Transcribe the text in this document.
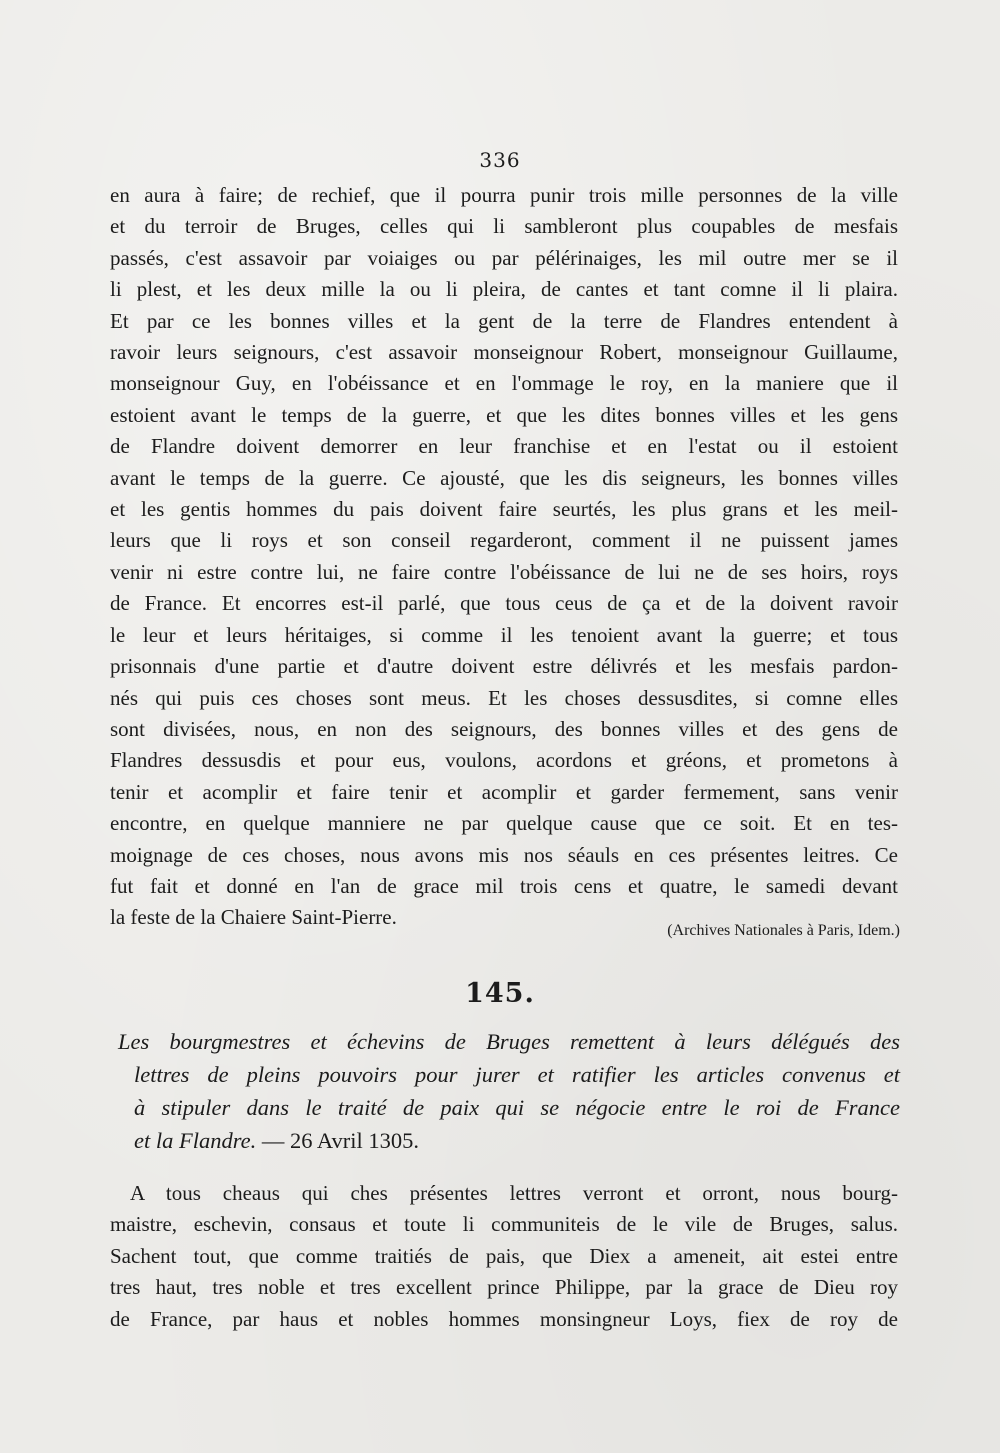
336
en aura à faire; de rechief, que il pourra punir trois mille personnes de la ville
et du terroir de Bruges, celles qui li sambleront plus coupables de mesfais
passés, c'est assavoir par voiaiges ou par pélérinaiges, les mil outre mer se il
li plest, et les deux mille la ou li pleira, de cantes et tant comne il li plaira.
Et par ce les bonnes villes et la gent de la terre de Flandres entendent à
ravoir leurs seignours, c'est assavoir monseignour Robert, monseignour Guillaume,
monseignour Guy, en l'obéissance et en l'ommage le roy, en la maniere que il
estoient avant le temps de la guerre, et que les dites bonnes villes et les gens
de Flandre doivent demorrer en leur franchise et en l'estat ou il estoient
avant le temps de la guerre. Ce ajousté, que les dis seigneurs, les bonnes villes
et les gentis hommes du pais doivent faire seurtés, les plus grans et les meil-
leurs que li roys et son conseil regarderont, comment il ne puissent james
venir ni estre contre lui, ne faire contre l'obéissance de lui ne de ses hoirs, roys
de France. Et encorres est-il parlé, que tous ceus de ça et de la doivent ravoir
le leur et leurs héritaiges, si comme il les tenoient avant la guerre; et tous
prisonnais d'une partie et d'autre doivent estre délivrés et les mesfais pardon-
nés qui puis ces choses sont meus. Et les choses dessusdites, si comne elles
sont divisées, nous, en non des seignours, des bonnes villes et des gens de
Flandres dessusdis et pour eus, voulons, acordons et gréons, et prometons à
tenir et acomplir et faire tenir et acomplir et garder fermement, sans venir
encontre, en quelque manniere ne par quelque cause que ce soit. Et en tes-
moignage de ces choses, nous avons mis nos séauls en ces présentes leitres. Ce
fut fait et donné en l'an de grace mil trois cens et quatre, le samedi devant
la feste de la Chaiere Saint-Pierre.
(Archives Nationales à Paris, Idem.)
145.
Les bourgmestres et échevins de Bruges remettent à leurs délégués des
lettres de pleins pouvoirs pour jurer et ratifier les articles convenus et
à stipuler dans le traité de paix qui se négocie entre le roi de France
et la Flandre. — 26 Avril 1305.
A tous cheaus qui ches présentes lettres verront et orront, nous bourg-
maistre, eschevin, consaus et toute li communiteis de le vile de Bruges, salus.
Sachent tout, que comme traitiés de pais, que Diex a ameneit, ait estei entre
tres haut, tres noble et tres excellent prince Philippe, par la grace de Dieu roy
de France, par haus et nobles hommes monsingneur Loys, fiex de roy de
